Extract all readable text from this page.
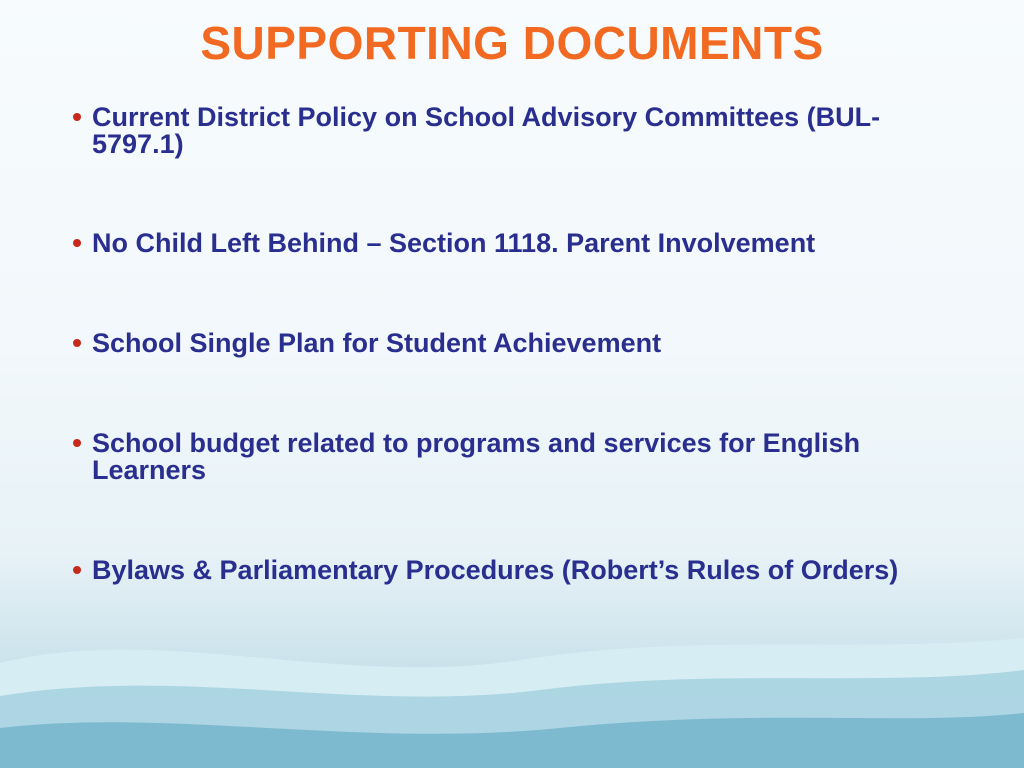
SUPPORTING DOCUMENTS
• Current District Policy on School Advisory Committees (BUL-5797.1)
• No Child Left Behind – Section 1118. Parent Involvement
• School Single Plan for Student Achievement
• School budget related to programs and services for English Learners
• Bylaws & Parliamentary Procedures (Robert’s Rules of Orders)
